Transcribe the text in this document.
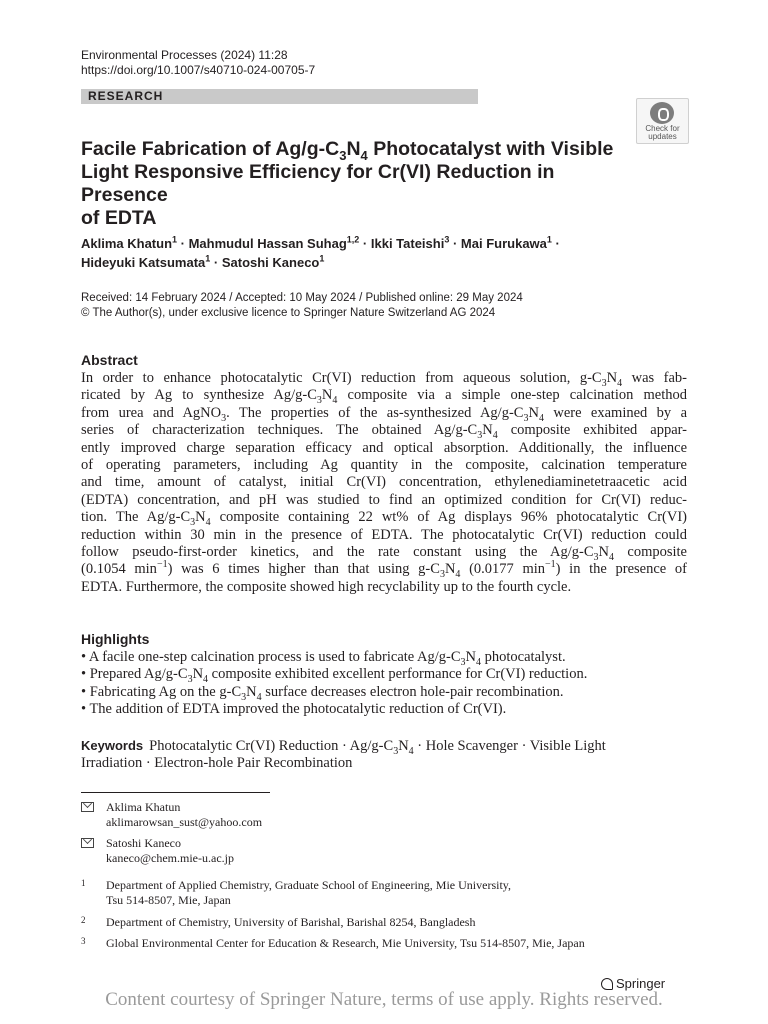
Environmental Processes (2024) 11:28
https://doi.org/10.1007/s40710-024-00705-7
RESEARCH
Check for
updates
Facile Fabrication of $Ag/g-C_3N_4$ Photocatalyst with Visible
Light Responsive Efficiency for Cr(VI) Reduction in Presence
of EDTA
Aklima Khatun$^1$ · Mahmudul Hassan Suhag$^{1,2}$ · Ikki Tateishi$^3$ · Mai Furukawa$^1$ ·
Hideyuki Katsumata$^1$ · Satoshi Kaneco$^1$
Received: 14 February 2024 / Accepted: 10 May 2024 / Published online: 29 May 2024
© The Author(s), under exclusive licence to Springer Nature Switzerland AG 2024
Abstract
In order to enhance photocatalytic Cr(VI) reduction from aqueous solution, $g-C_3N_4$ was fab-
ricated by Ag to synthesize $Ag/g-C_3N_4$ composite via a simple one-step calcination method
from urea and AgNO$_3$. The properties of the as-synthesized $Ag/g-C_3N_4$ were examined by a
series of characterization techniques. The obtained $Ag/g-C_3N_4$ composite exhibited appar-
ently improved charge separation efficacy and optical absorption. Additionally, the influence
of operating parameters, including Ag quantity in the composite, calcination temperature
and time, amount of catalyst, initial Cr(VI) concentration, ethylenediaminetetraacetic acid
(EDTA) concentration, and pH was studied to find an optimized condition for Cr(VI) reduc-
tion. The $Ag/g-C_3N_4$ composite containing 22 wt% of Ag displays 96% photocatalytic Cr(VI)
reduction within 30 min in the presence of EDTA. The photocatalytic Cr(VI) reduction could
follow pseudo-first-order kinetics, and the rate constant using the $Ag/g-C_3N_4$ composite
(0.1054 $\min^{-1}$) was 6 times higher than that using $g-C_3N_4$ (0.0177 $\min^{-1}$) in the presence of
EDTA. Furthermore, the composite showed high recyclability up to the fourth cycle.
Highlights
• A facile one-step calcination process is used to fabricate $Ag/g-C_3N_4$ photocatalyst.
• Prepared $Ag/g-C_3N_4$ composite exhibited excellent performance for Cr(VI) reduction.
• Fabricating Ag on the $g-C_3N_4$ surface decreases electron hole-pair recombination.
• The addition of EDTA improved the photocatalytic reduction of Cr(VI).
Keywords Photocatalytic Cr(VI) Reduction · $Ag/g-C_3N_4$ · Hole Scavenger · Visible Light
Irradiation · Electron-hole Pair Recombination
Aklima Khatun
aklimarowsan_sust@yahoo.com
Satoshi Kaneco
kaneco@chem.mie-u.ac.jp
1 Department of Applied Chemistry, Graduate School of Engineering, Mie University,
Tsu 514-8507, Mie, Japan
2 Department of Chemistry, University of Barishal, Barishal 8254, Bangladesh
3 Global Environmental Center for Education & Research, Mie University, Tsu 514-8507, Mie, Japan
Springer
Content courtesy of Springer Nature, terms of use apply. Rights reserved.
